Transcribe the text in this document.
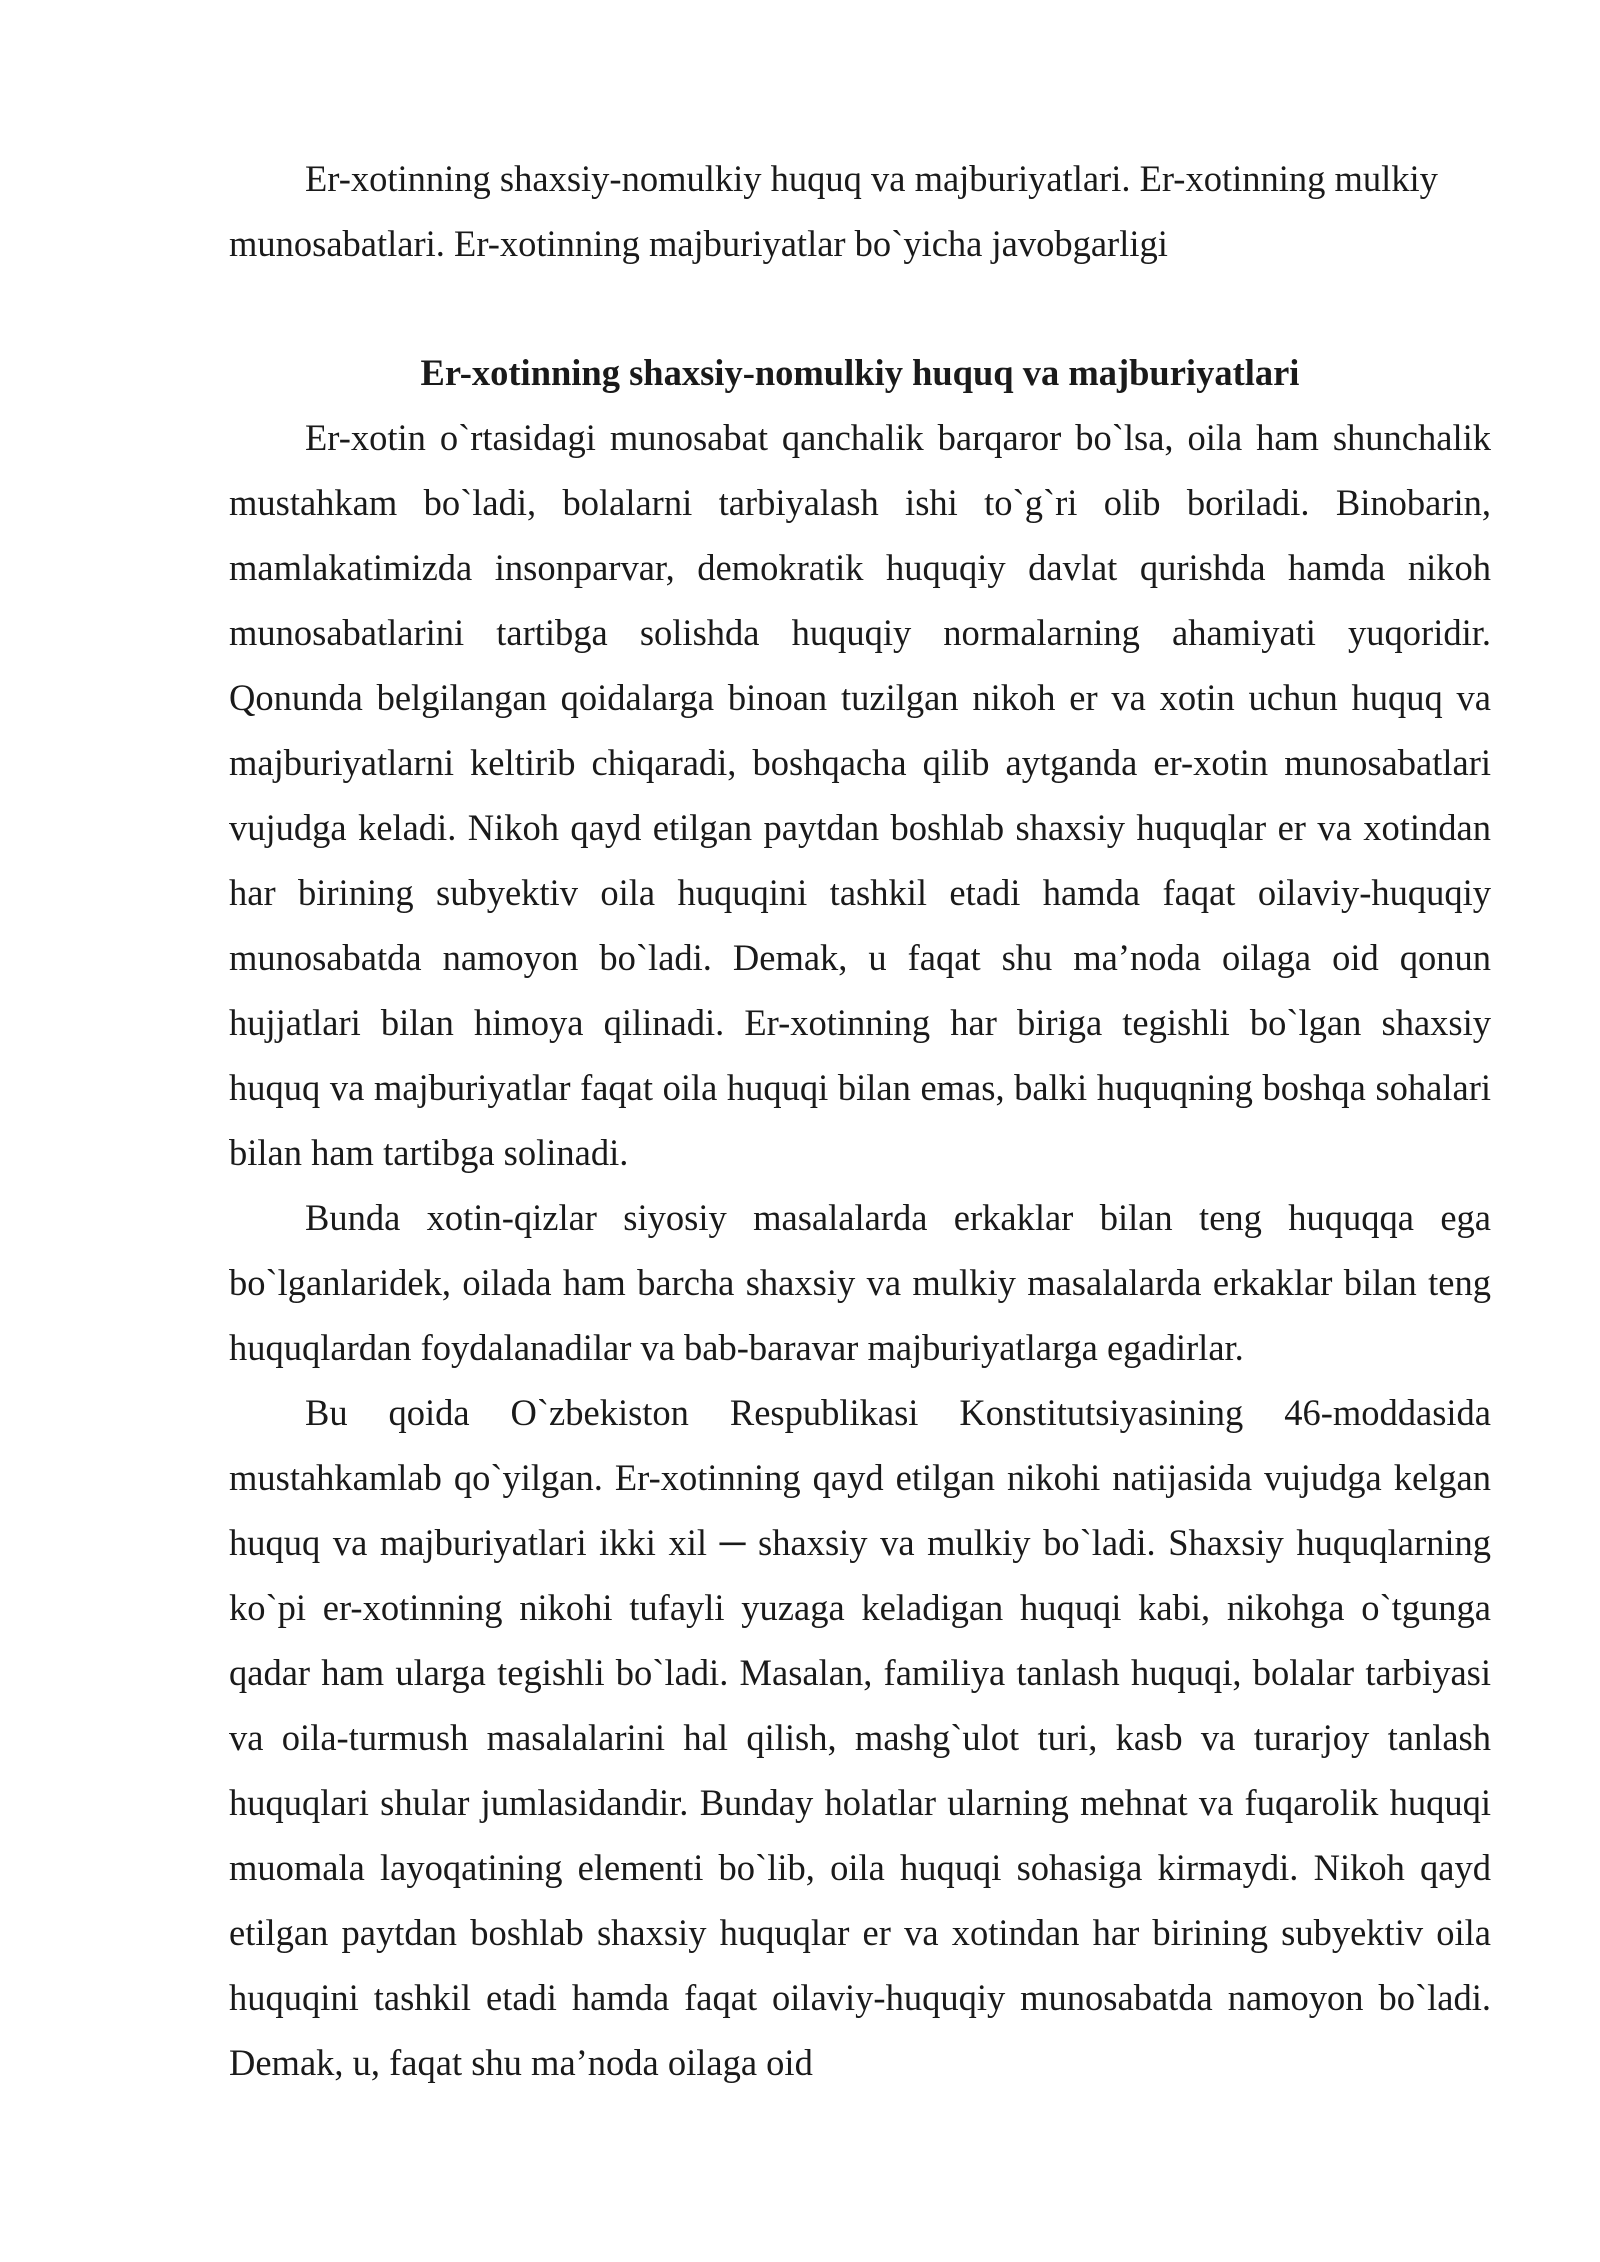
Er-xotinning shaxsiy-nomulkiy huquq va majburiyatlari. Er-xotinning mulkiy munosabatlari. Er-xotinning majburiyatlar bo`yicha javobgarligi

Er-xotinning shaxsiy-nomulkiy huquq va majburiyatlari

Er-xotin o`rtasidagi munosabat qanchalik barqaror bo`lsa, oila ham shunchalik mustahkam bo`ladi, bolalarni tarbiyalash ishi to`g`ri olib boriladi. Binobarin, mamlakatimizda insonparvar, demokratik huquqiy davlat qurishda hamda nikoh munosabatlarini tartibga solishda huquqiy normalarning ahamiyati yuqoridir. Qonunda belgilangan qoidalarga binoan tuzilgan nikoh er va xotin uchun huquq va majburiyatlarni keltirib chiqaradi, boshqacha qilib aytganda er-xotin munosabatlari vujudga keladi. Nikoh qayd etilgan paytdan boshlab shaxsiy huquqlar er va xotindan har birining subyektiv oila huquqini tashkil etadi hamda faqat oilaviy-huquqiy munosabatda namoyon bo`ladi. Demak, u faqat shu ma’noda oilaga oid qonun hujjatlari bilan himoya qilinadi. Er-xotinning har biriga tegishli bo`lgan shaxsiy huquq va majburiyatlar faqat oila huquqi bilan emas, balki huquqning boshqa sohalari bilan ham tartibga solinadi.

Bunda xotin-qizlar siyosiy masalalarda erkaklar bilan teng huquqqa ega bo`lganlaridek, oilada ham barcha shaxsiy va mulkiy masalalarda erkaklar bilan teng huquqlardan foydalanadilar va bab-baravar majburiyatlarga egadirlar.

Bu qoida O`zbekiston Respublikasi Konstitutsiyasining 46-moddasida mustahkamlab qo`yilgan. Er-xotinning qayd etilgan nikohi natijasida vujudga kelgan huquq va majburiyatlari ikki xil ─ shaxsiy va mulkiy bo`ladi. Shaxsiy huquqlarning ko`pi er-xotinning nikohi tufayli yuzaga keladigan huquqi kabi, nikohga o`tgunga qadar ham ularga tegishli bo`ladi. Masalan, familiya tanlash huquqi, bolalar tarbiyasi va oila-turmush masalalarini hal qilish, mashg`ulot turi, kasb va turarjoy tanlash huquqlari shular jumlasidandir. Bunday holatlar ularning mehnat va fuqarolik huquqi muomala layoqatining elementi bo`lib, oila huquqi sohasiga kirmaydi. Nikoh qayd etilgan paytdan boshlab shaxsiy huquqlar er va xotindan har birining subyektiv oila huquqini tashkil etadi hamda faqat oilaviy-huquqiy munosabatda namoyon bo`ladi. Demak, u, faqat shu ma’noda oilaga oid
